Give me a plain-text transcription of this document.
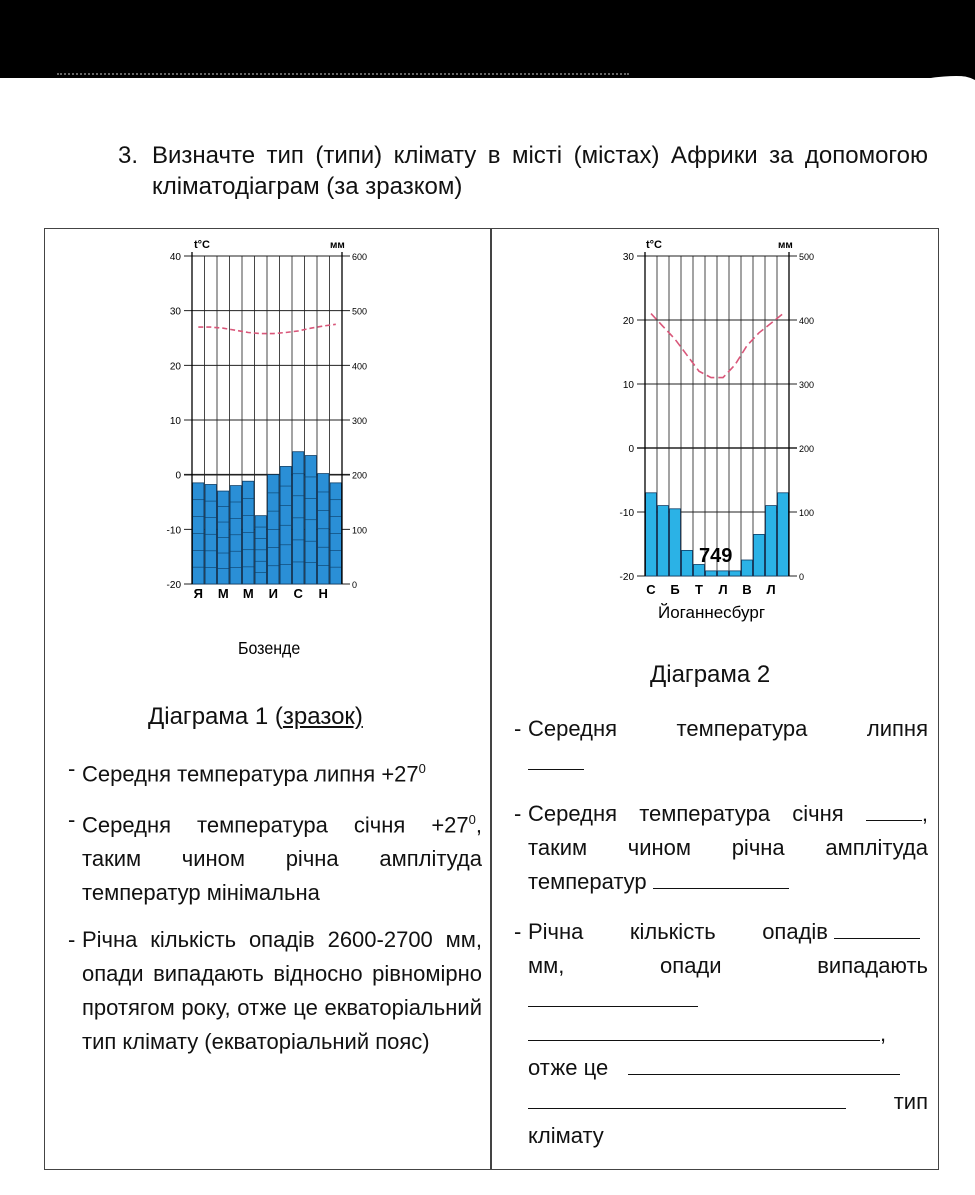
3. Визначте тип (типи) клімату в місті (містах) Африки за допомогою кліматодіаграм (за зразком)
40
30
20
10
0
-10
-20
600
500
400
300
200
100
0
Я М М И С Н
t°C	мм
Бозенде
Діаграма 1 (зразок)
- Середня температура липня $+27^0$
- Середня температура січня $+27^0$, таким чином річна амплітуда температур мінімальна
- Річна кількість опадів 2600-2700 мм, опади випадають відносно рівномірно протягом року, отже це екваторіальний тип клімату (екваторіальний пояс)
30
20
10
0
-10
-20
500
400
300
200
100
0
С Б Т Л В Л
t°C	мм
749
Йоганнесбург
Діаграма 2
- Середня температура липня

- Середня температура січня	, таким чином річна амплітуда температур
- Річна кількість опадів
мм, опади випадають

,
отже це

тип

клімату
